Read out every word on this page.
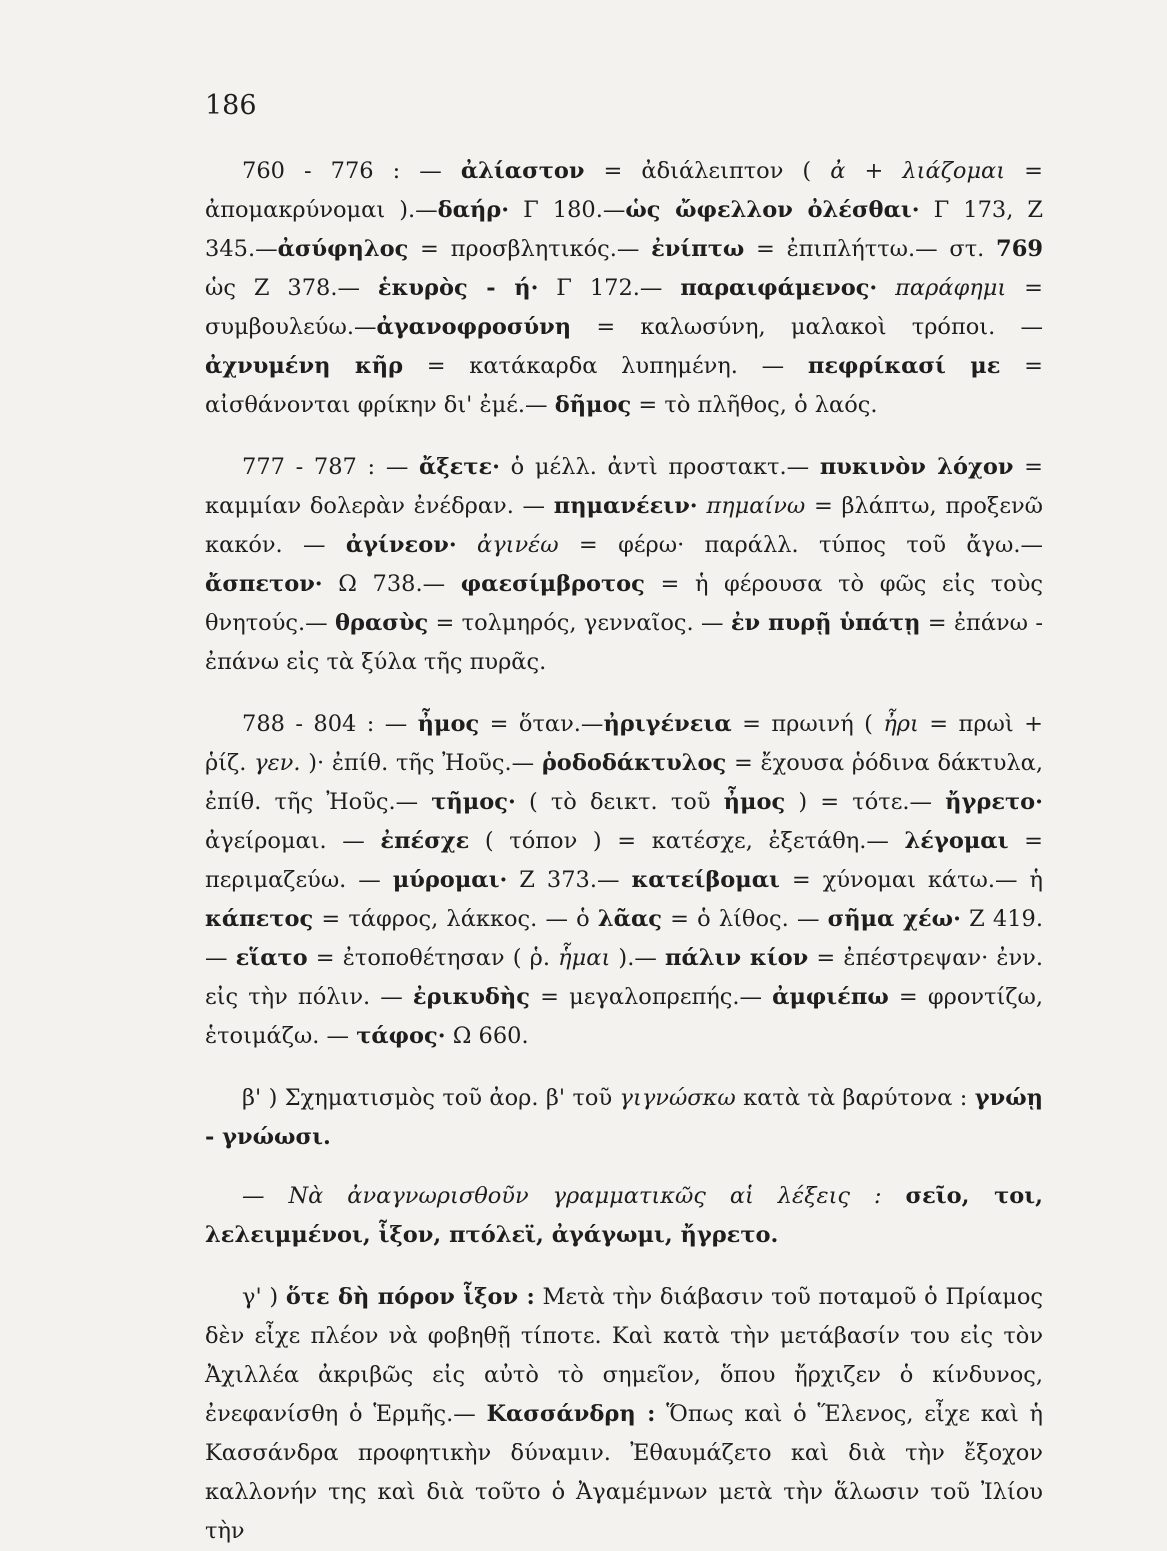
186

760 - 776 : — ἀλίαστον = ἀδιάλειπτον ( ἀ + λιάζομαι = ἀπομακρύνομαι ).—δαήρ· Γ 180.—ὡς ὤφελλον ὀλέσθαι· Γ 173, Ζ 345.—ἀσύφηλος = προσβλητικός.— ἐνίπτω = ἐπιπλήττω.— στ. 769 ὡς Ζ 378.— ἑκυρὸς - ή· Γ 172.— παραιφάμενος· παράφημι = συμβουλεύω.—ἀγανοφροσύνη = καλωσύνη, μαλακοὶ τρόποι. — ἀχνυμένη κῆρ = κατάκαρδα λυπημένη. — πεφρίκασί με = αἰσθάνονται φρίκην δι' ἐμέ.— δῆμος = τὸ πλῆθος, ὁ λαός.

777 - 787 : — ἄξετε· ὁ μέλλ. ἀντὶ προστακτ.— πυκινὸν λόχον = καμμίαν δολερὰν ἐνέδραν. — πημανέειν· πημαίνω = βλάπτω, προξενῶ κακόν. — ἀγίνεον· ἀγινέω = φέρω· παράλλ. τύπος τοῦ ἄγω.— ἄσπετον· Ω 738.— φαεσίμβροτος = ἡ φέρουσα τὸ φῶς εἰς τοὺς θνητούς.— θρασὺς = τολμηρός, γενναῖος. — ἐν πυρῇ ὑπάτῃ = ἐπάνω - ἐπάνω εἰς τὰ ξύλα τῆς πυρᾶς.

788 - 804 : — ἦμος = ὅταν.—ἠριγένεια = πρωινή ( ἦρι = πρωὶ + ῥίζ. γεν. )· ἐπίθ. τῆς Ἠοῦς.— ῥοδοδάκτυλος = ἔχουσα ῥόδινα δάκτυλα, ἐπίθ. τῆς Ἠοῦς.— τῆμος· ( τὸ δεικτ. τοῦ ἦμος ) = τότε.— ἤγρετο· ἀγείρομαι. — ἐπέσχε ( τόπον ) = κατέσχε, ἐξετάθη.— λέγομαι = περιμαζεύω. — μύρομαι· Ζ 373.— κατείβομαι = χύνομαι κάτω.— ἡ κάπετος = τάφρος, λάκκος. — ὁ λᾶας = ὁ λίθος. — σῆμα χέω· Ζ 419.— εἵατο = ἐτοποθέτησαν ( ῥ. ἧμαι ).— πάλιν κίον = ἐπέστρεψαν· ἐνν. εἰς τὴν πόλιν. — ἐρικυδὴς = μεγαλοπρεπής.— ἀμφιέπω = φροντίζω, ἑτοιμάζω. — τάφος· Ω 660.

β' ) Σχηματισμὸς τοῦ ἀορ. β' τοῦ γιγνώσκω κατὰ τὰ βαρύτονα : γνώῃ - γνώωσι.

— Νὰ ἀναγνωρισθοῦν γραμματικῶς αἱ λέξεις : σεῖο, τοι, λελειμμένοι, ἷξον, πτόλεϊ, ἀγάγωμι, ἤγρετο.

γ' ) ὅτε δὴ πόρον ἷξον : Μετὰ τὴν διάβασιν τοῦ ποταμοῦ ὁ Πρίαμος δὲν εἶχε πλέον νὰ φοβηθῇ τίποτε. Καὶ κατὰ τὴν μετάβασίν του εἰς τὸν Ἀχιλλέα ἀκριβῶς εἰς αὐτὸ τὸ σημεῖον, ὅπου ἤρχιζεν ὁ κίνδυνος, ἐνεφανίσθη ὁ Ἑρμῆς.— Κασσάνδρη : Ὅπως καὶ ὁ Ἕλενος, εἶχε καὶ ἡ Κασσάνδρα προφητικὴν δύναμιν. Ἐθαυμάζετο καὶ διὰ τὴν ἔξοχον καλλονήν της καὶ διὰ τοῦτο ὁ Ἀγαμέμνων μετὰ τὴν ἅλωσιν τοῦ Ἰλίου τὴν
